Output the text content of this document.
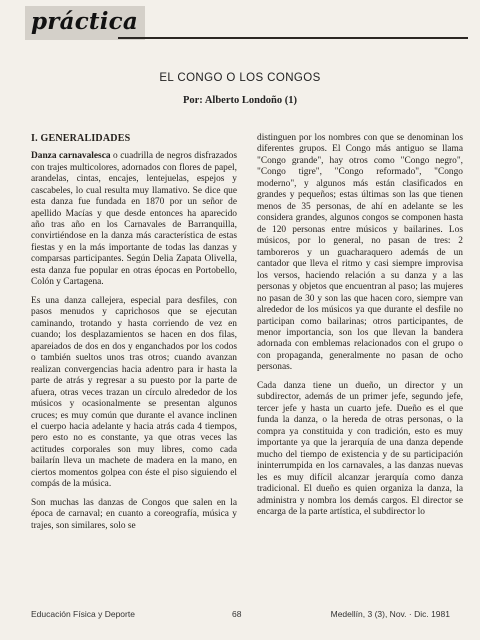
práctica
EL CONGO O LOS CONGOS
Por: Alberto Londoño (1)
I. GENERALIDADES

Danza carnavalesca o cuadrilla de negros disfrazados con trajes multicolores, adornados con flores de papel, arandelas, cintas, encajes, lentejuelas, espejos y cascabeles, lo cual resulta muy llamativo. Se dice que esta danza fue fundada en 1870 por un señor de apellido Macías y que desde entonces ha aparecido año tras año en los Carnavales de Barranquilla, convirtiéndose en la danza más característica de estas fiestas y en la más importante de todas las danzas y comparsas participantes. Según Delia Zapata Olivella, esta danza fue popular en otras épocas en Portobello, Colón y Cartagena.

Es una danza callejera, especial para desfiles, con pasos menudos y caprichosos que se ejecutan caminando, trotando y hasta corriendo de vez en cuando; los desplazamientos se hacen en dos filas, apareiados de dos en dos y enganchados por los codos o también sueltos unos tras otros; cuando avanzan realizan convergencias hacia adentro para ir hasta la parte de atrás y regresar a su puesto por la parte de afuera, otras veces trazan un círculo alrededor de los músicos y ocasionalmente se presentan algunos cruces; es muy común que durante el avance inclinen el cuerpo hacia adelante y hacia atrás cada 4 tiempos, pero esto no es constante, ya que otras veces las actitudes corporales son muy libres, como cada bailarín lleva un machete de madera en la mano, en ciertos momentos golpea con éste el piso siguiendo el compás de la música.

Son muchas las danzas de Congos que salen en la época de carnaval; en cuanto a coreografía, música y trajes, son similares, solo se

distinguen por los nombres con que se denominan los diferentes grupos. El Congo más antiguo se llama "Congo grande", hay otros como "Congo negro", "Congo tigre", "Congo reformado", "Congo moderno", y algunos más están clasificados en grandes y pequeños; estas últimas son las que tienen menos de 35 personas, de ahí en adelante se les considera grandes, algunos congos se componen hasta de 120 personas entre músicos y bailarines. Los músicos, por lo general, no pasan de tres: 2 tamboreros y un guacharaquero además de un cantador que lleva el ritmo y casi siempre improvisa los versos, haciendo relación a su danza y a las personas y objetos que encuentran al paso; las mujeres no pasan de 30 y son las que hacen coro, siempre van alrededor de los músicos ya que durante el desfile no participan como bailarinas; otros participantes, de menor importancia, son los que llevan la bandera adornada con emblemas relacionados con el grupo o con propaganda, generalmente no pasan de ocho personas.

Cada danza tiene un dueño, un director y un subdirector, además de un primer jefe, segundo jefe, tercer jefe y hasta un cuarto jefe. Dueño es el que funda la danza, o la hereda de otras personas, o la compra ya constituida y con tradición, esto es muy importante ya que la jerarquía de una danza depende mucho del tiempo de existencia y de su participación ininterrumpida en los carnavales, a las danzas nuevas les es muy difícil alcanzar jerarquía como danza tradicional. El dueño es quien organiza la danza, la administra y nombra los demás cargos. El director se encarga de la parte artística, el subdirector lo

Educación Física y Deporte	68	Medellín, 3 (3), Nov. · Dic. 1981
